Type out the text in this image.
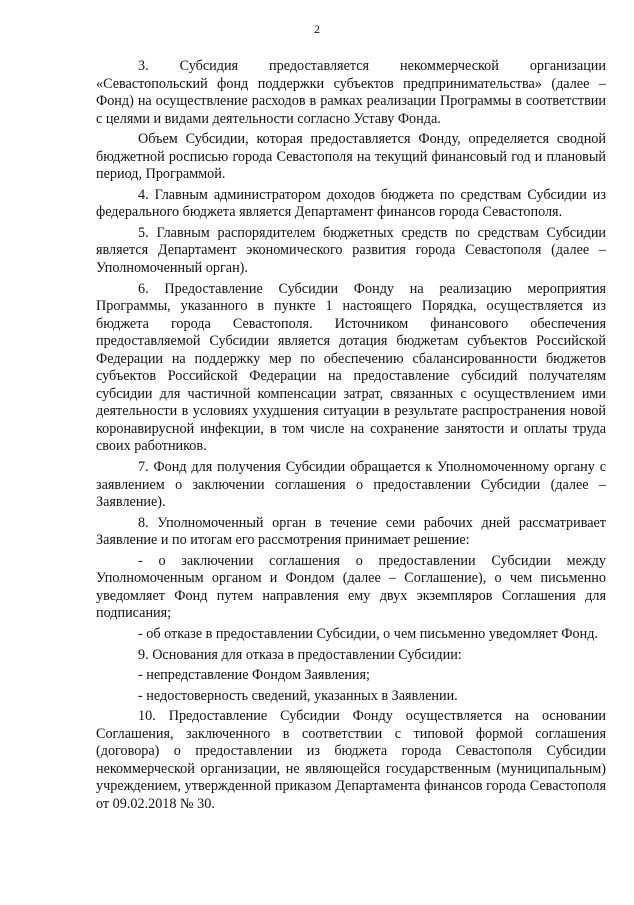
2

3. Субсидия предоставляется некоммерческой организации «Севастопольский фонд поддержки субъектов предпринимательства» (далее – Фонд) на осуществление расходов в рамках реализации Программы в соответствии с целями и видами деятельности согласно Уставу Фонда.

Объем Субсидии, которая предоставляется Фонду, определяется сводной бюджетной росписью города Севастополя на текущий финансовый год и плановый период, Программой.

4. Главным администратором доходов бюджета по средствам Субсидии из федерального бюджета является Департамент финансов города Севастополя.

5. Главным распорядителем бюджетных средств по средствам Субсидии является Департамент экономического развития города Севастополя (далее – Уполномоченный орган).

6. Предоставление Субсидии Фонду на реализацию мероприятия Программы, указанного в пункте 1 настоящего Порядка, осуществляется из бюджета города Севастополя. Источником финансового обеспечения предоставляемой Субсидии является дотация бюджетам субъектов Российской Федерации на поддержку мер по обеспечению сбалансированности бюджетов субъектов Российской Федерации на предоставление субсидий получателям субсидии для частичной компенсации затрат, связанных с осуществлением ими деятельности в условиях ухудшения ситуации в результате распространения новой коронавирусной инфекции, в том числе на сохранение занятости и оплаты труда своих работников.

7. Фонд для получения Субсидии обращается к Уполномоченному органу с заявлением о заключении соглашения о предоставлении Субсидии (далее – Заявление).

8. Уполномоченный орган в течение семи рабочих дней рассматривает Заявление и по итогам его рассмотрения принимает решение:

- о заключении соглашения о предоставлении Субсидии между Уполномоченным органом и Фондом (далее – Соглашение), о чем письменно уведомляет Фонд путем направления ему двух экземпляров Соглашения для подписания;

- об отказе в предоставлении Субсидии, о чем письменно уведомляет Фонд.

9. Основания для отказа в предоставлении Субсидии:

- непредставление Фондом Заявления;

- недостоверность сведений, указанных в Заявлении.

10. Предоставление Субсидии Фонду осуществляется на основании Соглашения, заключенного в соответствии с типовой формой соглашения (договора) о предоставлении из бюджета города Севастополя Субсидии некоммерческой организации, не являющейся государственным (муниципальным) учреждением, утвержденной приказом Департамента финансов города Севастополя от 09.02.2018 № 30.
